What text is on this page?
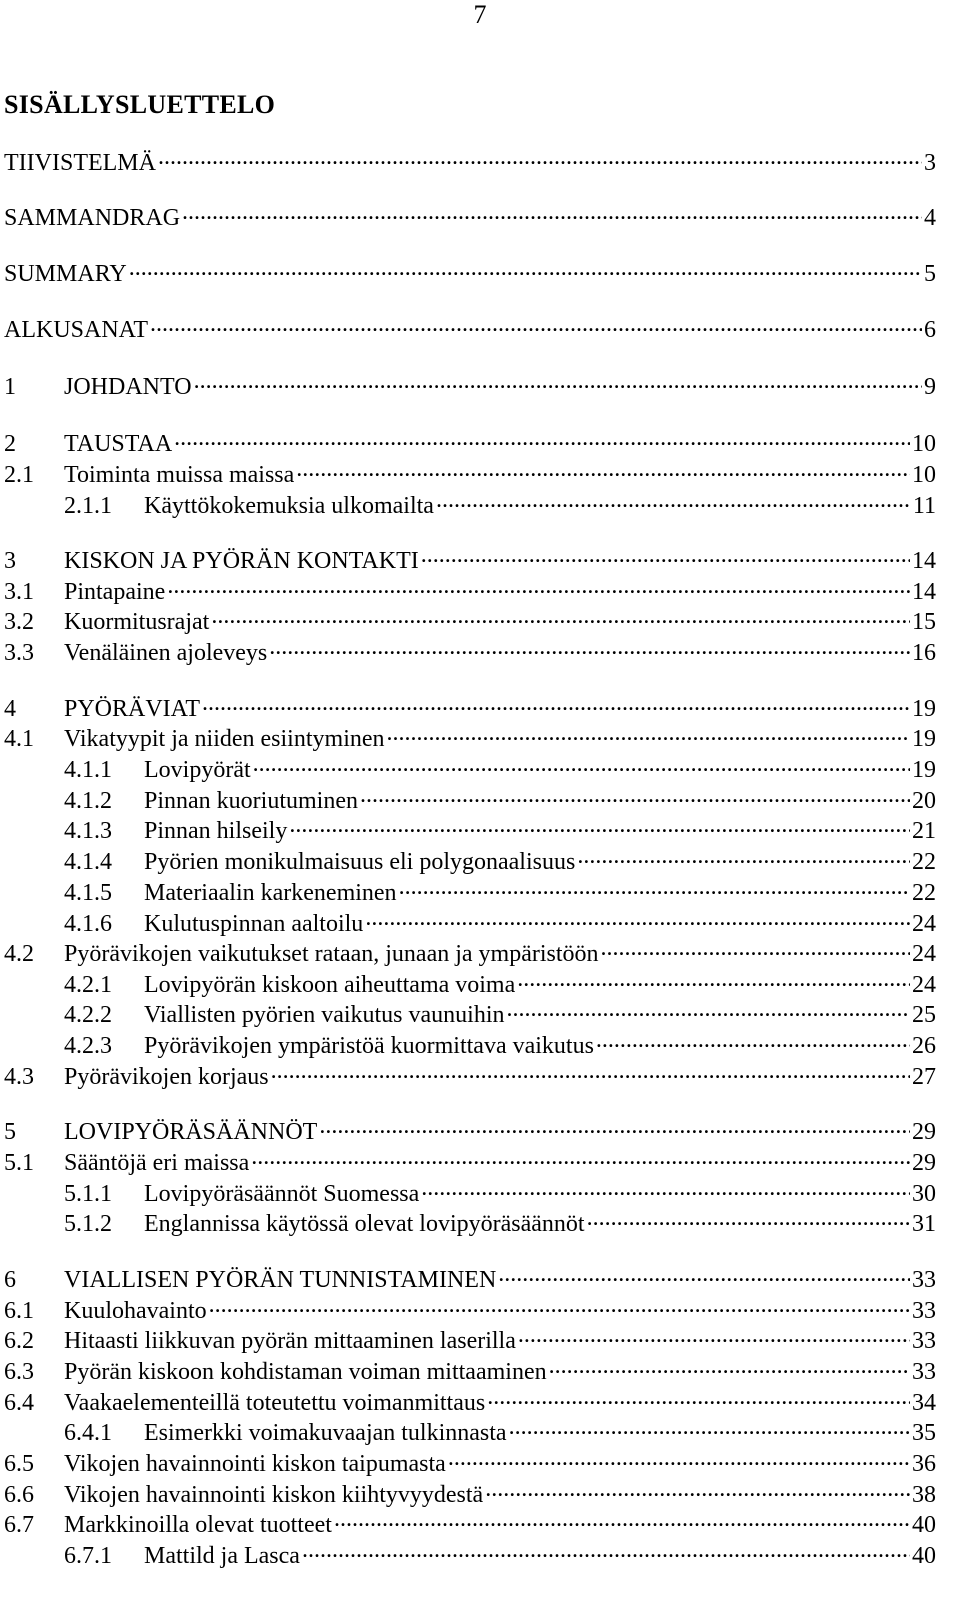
7
SISÄLLYSLUETTELO
TIIVISTELMÄ .....	3
SAMMANDRAG .....	4
SUMMARY .....	5
ALKUSANAT .....	6
1	JOHDANTO .....	9
2	TAUSTAA .....	10
2.1	Toiminta muissa maissa .....	10
2.1.1	Käyttökokemuksia ulkomailta .....	11
3	KISKON JA PYÖRÄN KONTAKTI .....	14
3.1	Pintapaine .....	14
3.2	Kuormitusrajat .....	15
3.3	Venäläinen ajoleveys .....	16
4	PYÖRÄVIAT .....	19
4.1	Vikatyypit ja niiden esiintyminen .....	19
4.1.1	Lovipyörät .....	19
4.1.2	Pinnan kuoriutuminen .....	20
4.1.3	Pinnan hilseily .....	21
4.1.4	Pyörien monikulmaisuus eli polygonaalisuus .....	22
4.1.5	Materiaalin karkeneminen .....	22
4.1.6	Kulutuspinnan aaltoilu .....	24
4.2	Pyörävikojen vaikutukset rataan, junaan ja ympäristöön .....	24
4.2.1	Lovipyörän kiskoon aiheuttama voima .....	24
4.2.2	Viallisten pyörien vaikutus vaunuihin .....	25
4.2.3	Pyörävikojen ympäristöä kuormittava vaikutus .....	26
4.3	Pyörävikojen korjaus .....	27
5	LOVIPYÖRÄSÄÄNNÖT .....	29
5.1	Sääntöjä eri maissa .....	29
5.1.1	Lovipyöräsäännöt Suomessa .....	30
5.1.2	Englannissa käytössä olevat lovipyöräsäännöt .....	31
6	VIALLISEN PYÖRÄN TUNNISTAMINEN .....	33
6.1	Kuulohavainto .....	33
6.2	Hitaasti liikkuvan pyörän mittaaminen laserilla .....	33
6.3	Pyörän kiskoon kohdistaman voiman mittaaminen .....	33
6.4	Vaakaelementeillä toteutettu voimanmittaus .....	34
6.4.1	Esimerkki voimakuvaajan tulkinnasta .....	35
6.5	Vikojen havainnointi kiskon taipumasta .....	36
6.6	Vikojen havainnointi kiskon kiihtyvyydestä .....	38
6.7	Markkinoilla olevat tuotteet .....	40
6.7.1	Mattild ja Lasca .....	40
